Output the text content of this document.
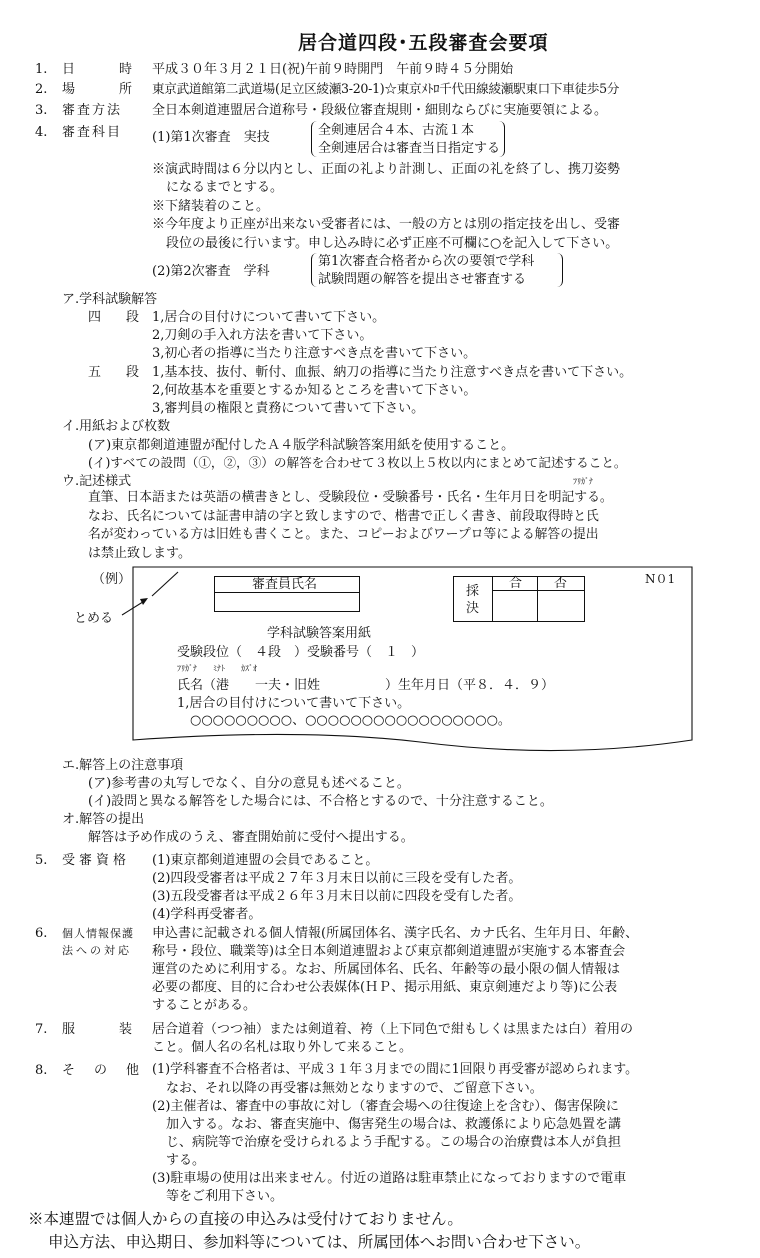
居合道四段･五段審査会要項
1. 日　　時 平成３０年３月２１日(祝)午前９時開門　午前９時４５分開始
2. 場　　所 東京武道館第二武道場(足立区綾瀬3-20-1)☆東京ﾒﾄﾛ千代田線綾瀬駅東口下車徒歩5分
3. 審査方法 全日本剣道連盟居合道称号・段級位審査規則・細則ならびに実施要領による。
4. 審査科目 (1)第1次審査　実技	全剣連居合４本、古流１本
全剣連居合は審査当日指定する
※演武時間は６分以内とし、正面の礼より計測し、正面の礼を終了し、携刀姿勢
になるまでとする。
※下緒装着のこと。
※今年度より正座が出来ない受審者には、一般の方とは別の指定技を出し、受審
段位の最後に行います。申し込み時に必ず正座不可欄に○を記入して下さい。
(2)第2次審査　学科
第1次審査合格者から次の要領で学科
試験問題の解答を提出させ審査する
ア.学科試験解答
四　段 1,居合の目付けについて書いて下さい。
2,刀剣の手入れ方法を書いて下さい。
3,初心者の指導に当たり注意すべき点を書いて下さい。
五　段 1,基本技、抜付、斬付、血振、納刀の指導に当たり注意すべき点を書いて下さい。
2,何故基本を重要とするか知るところを書いて下さい。
3,審判員の権限と責務について書いて下さい。
イ.用紙および枚数
(ア)東京都剣道連盟が配付したＡ４版学科試験答案用紙を使用すること。
(イ)すべての設問（①，②，③）の解答を合わせて３枚以上５枚以内にまとめて記述すること。
ウ.記述様式	ﾌﾘｶﾞﾅ
直筆、日本語または英語の横書きとし、受験段位・受験番号・氏名・生年月日を明記する。
なお、氏名については証書申請の字と致しますので、楷書で正しく書き、前段取得時と氏
名が変わっている方は旧姓も書くこと。また、コピーおよびワープロ等による解答の提出
は禁止致します。
（例）
とめる
審査員氏名	採決
合 否	N０1
学科試験答案用紙
受験段位（　４段　）受験番号（　１　）
ﾌﾘｶﾞﾅ　　ﾐﾅﾄ　　ｶｽﾞｵ
氏名（港　　一夫・旧姓　　　　　）生年月日（平８．４．９）
1,居合の目付けについて書いて下さい。
○○○○○○○○○、○○○○○○○○○○○○○○○○○。
エ.解答上の注意事項
(ア)参考書の丸写しでなく、自分の意見も述べること。
(イ)設問と異なる解答をした場合には、不合格とするので、十分注意すること。
オ.解答の提出
解答は予め作成のうえ、審査開始前に受付へ提出する。
5. 受審資格 (1)東京都剣道連盟の会員であること。
(2)四段受審者は平成２７年３月末日以前に三段を受有した者。
(3)五段受審者は平成２６年３月末日以前に四段を受有した者。
(4)学科再受審者。
6. 個人情報保護
法への対応
申込書に記載される個人情報(所属団体名、漢字氏名、カナ氏名、生年月日、年齢、
称号・段位、職業等)は全日本剣道連盟および東京都剣道連盟が実施する本審査会
運営のために利用する。なお、所属団体名、氏名、年齢等の最小限の個人情報は
必要の都度、目的に合わせ公表媒体(ＨＰ、掲示用紙、東京剣連だより等)に公表
することがある。
7. 服　　装 居合道着（つつ袖）または剣道着、袴（上下同色で紺もしくは黒または白）着用の
こと。個人名の名札は取り外して来ること。
8. そ　の　他 (1)学科審査不合格者は、平成３１年３月までの間に1回限り再受審が認められます。
なお、それ以降の再受審は無効となりますので、ご留意下さい。
(2)主催者は、審査中の事故に対し（審査会場への往復途上を含む）、傷害保険に
加入する。なお、審査実施中、傷害発生の場合は、救護係により応急処置を講
じ、病院等で治療を受けられるよう手配する。この場合の治療費は本人が負担
する。
(3)駐車場の使用は出来ません。付近の道路は駐車禁止になっておりますので電車
等をご利用下さい。
※本連盟では個人からの直接の申込みは受付けておりません。
申込方法、申込期日、参加料等については、所属団体へお問い合わせ下さい。
